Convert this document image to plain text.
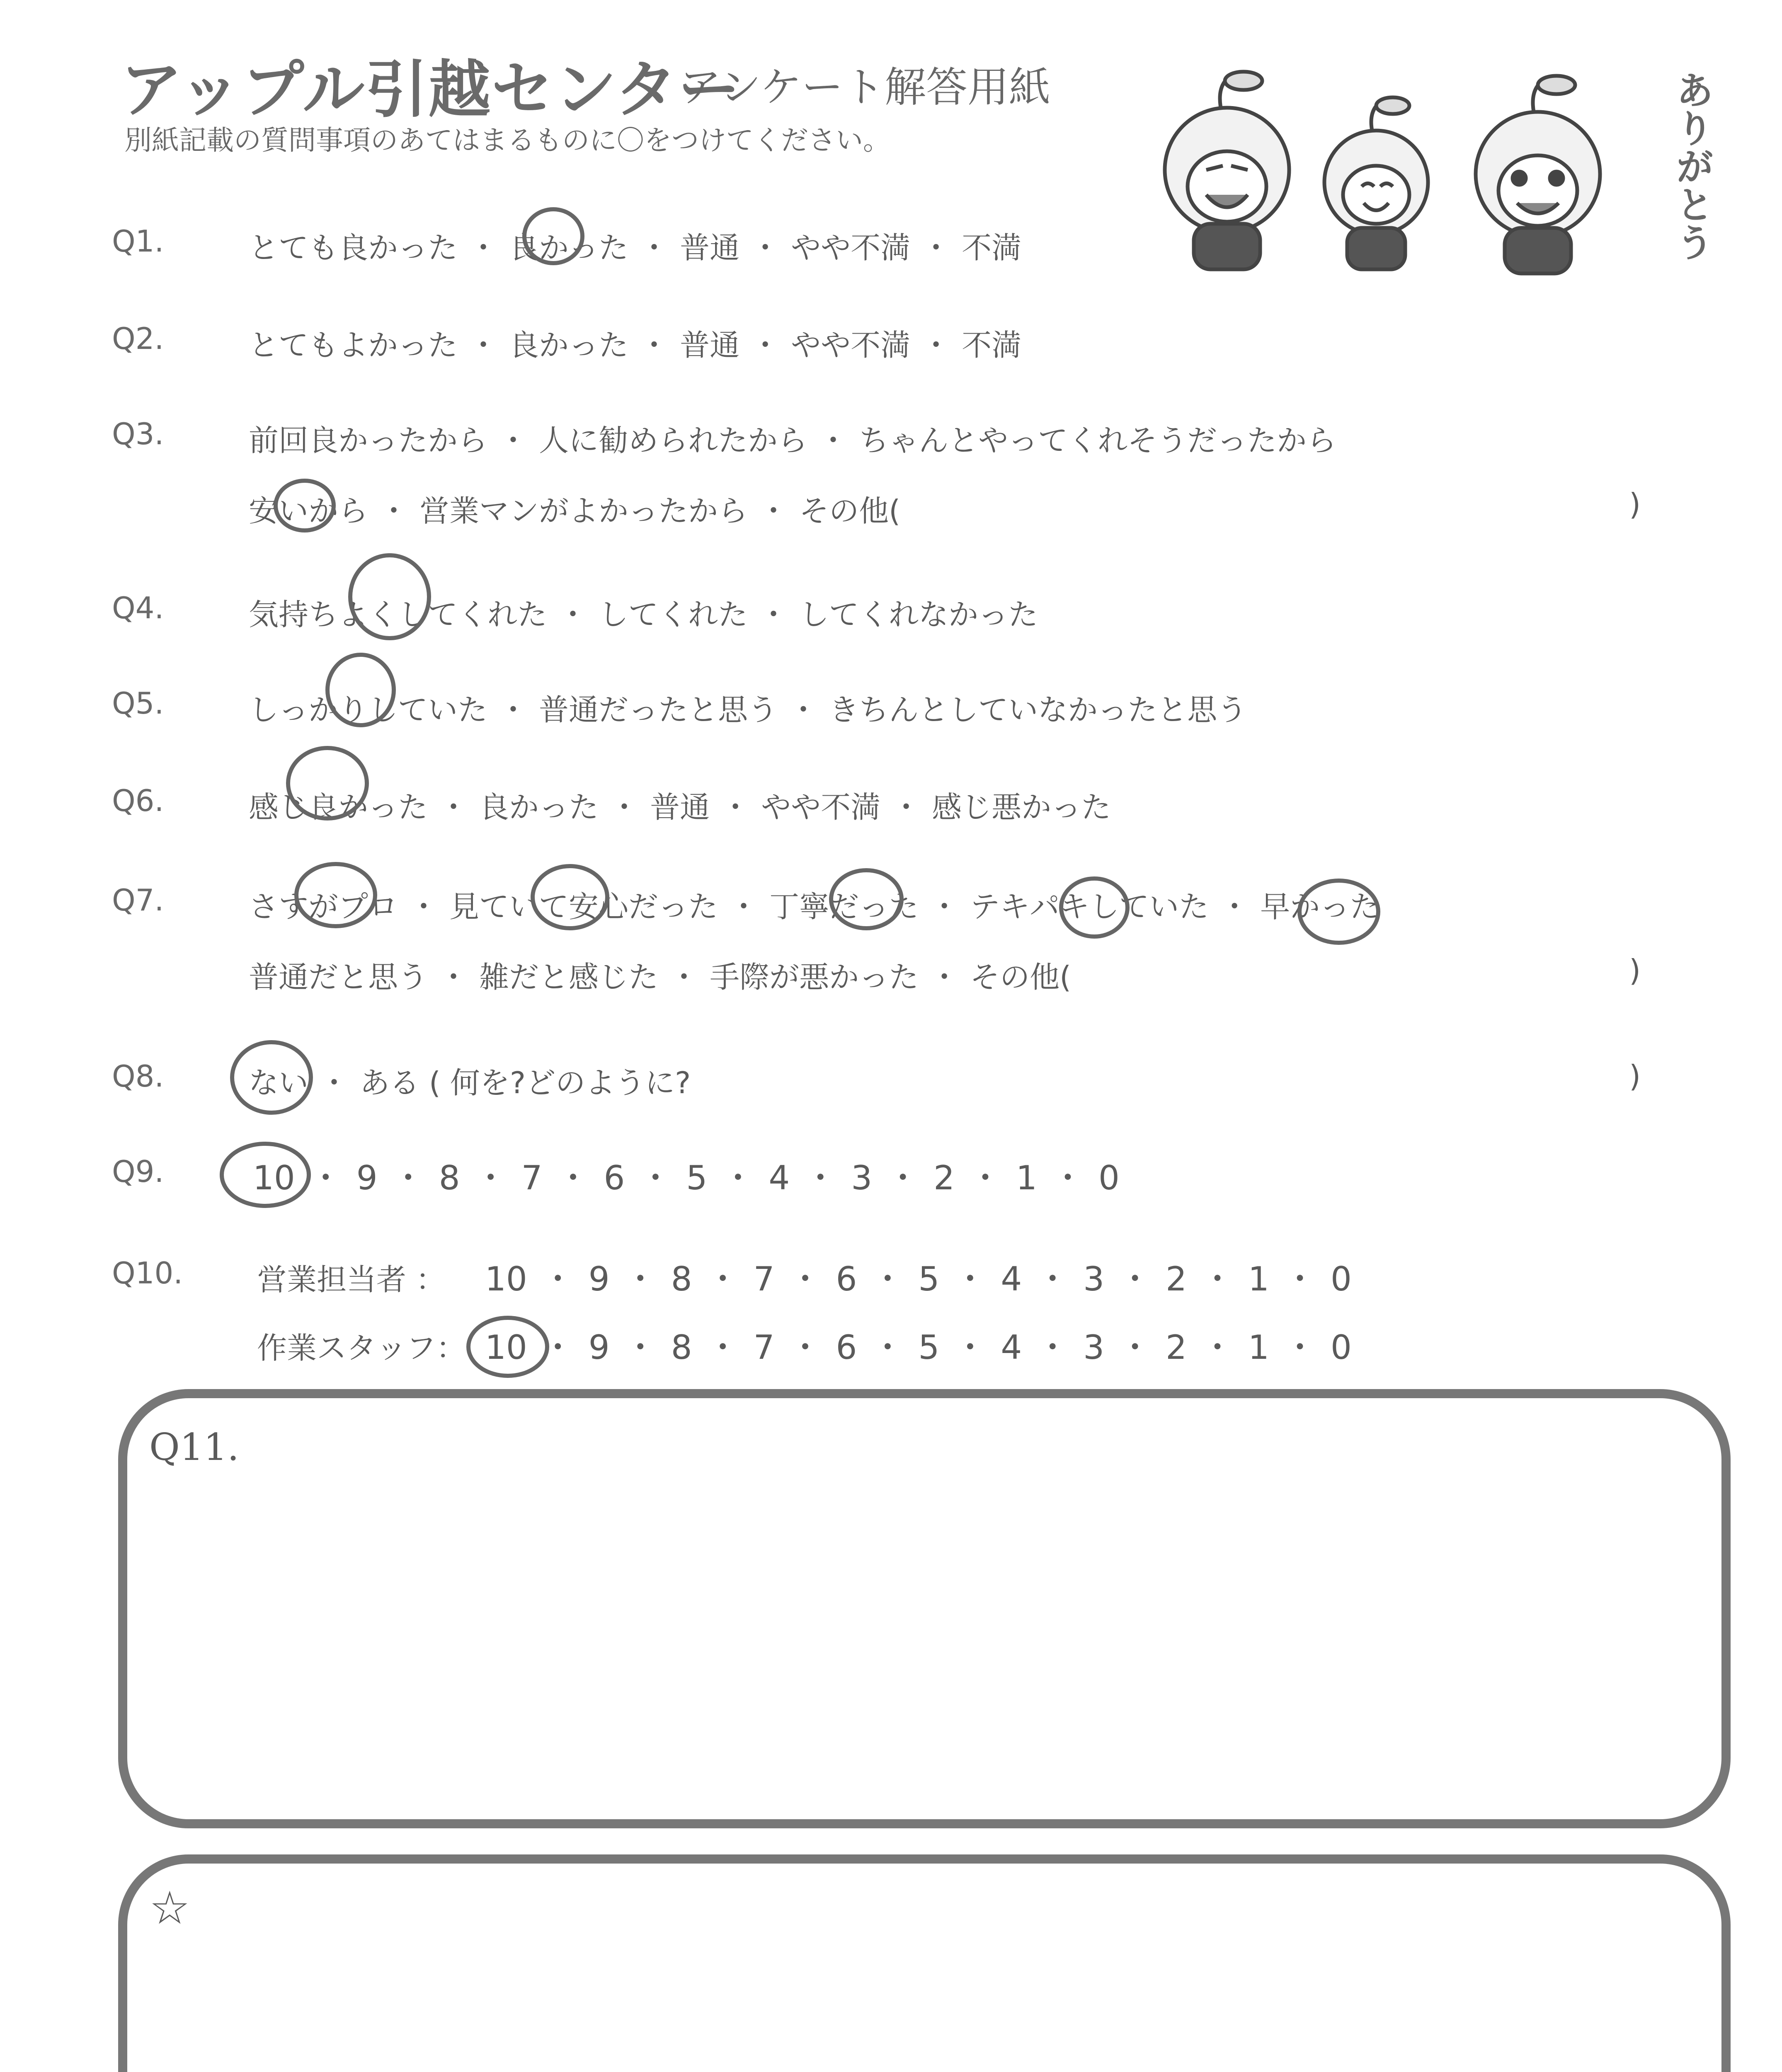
アップル引越センター
アンケート解答用紙
別紙記載の質問事項のあてはまるものに〇をつけてください。	ありがとう
Q1.	とても良かった ・ 良かった ・ 普通 ・ やや不満 ・ 不満
Q2.	とてもよかった ・ 良かった ・ 普通 ・ やや不満 ・ 不満
Q3.	前回良かったから ・ 人に勧められたから ・ ちゃんとやってくれそうだったから
安いから ・ 営業マンがよかったから ・ その他(	)
Q4.	気持ちよくしてくれた ・ してくれた ・ してくれなかった
Q5.	しっかりしていた ・ 普通だったと思う ・ きちんとしていなかったと思う
Q6.	感じ良かった ・ 良かった ・ 普通 ・ やや不満 ・ 感じ悪かった
Q7.	さすがプロ ・ 見ていて安心だった ・ 丁寧だった ・ テキパキしていた ・ 早かった
普通だと思う ・ 雑だと感じた ・ 手際が悪かった ・ その他(	)
Q8.	ない ・ ある ( 何を?どのように?	)
Q9.	10 ・ 9 ・ 8 ・ 7 ・ 6 ・ 5 ・ 4 ・ 3 ・ 2 ・ 1 ・ 0
Q10. 営業担当者 ： 10 ・ 9 ・ 8 ・ 7 ・ 6 ・ 5 ・ 4 ・ 3 ・ 2 ・ 1 ・ 0
作業スタッフ： 10 ・ 9 ・ 8 ・ 7 ・ 6 ・ 5 ・ 4 ・ 3 ・ 2 ・ 1 ・ 0
Q11.
☆
